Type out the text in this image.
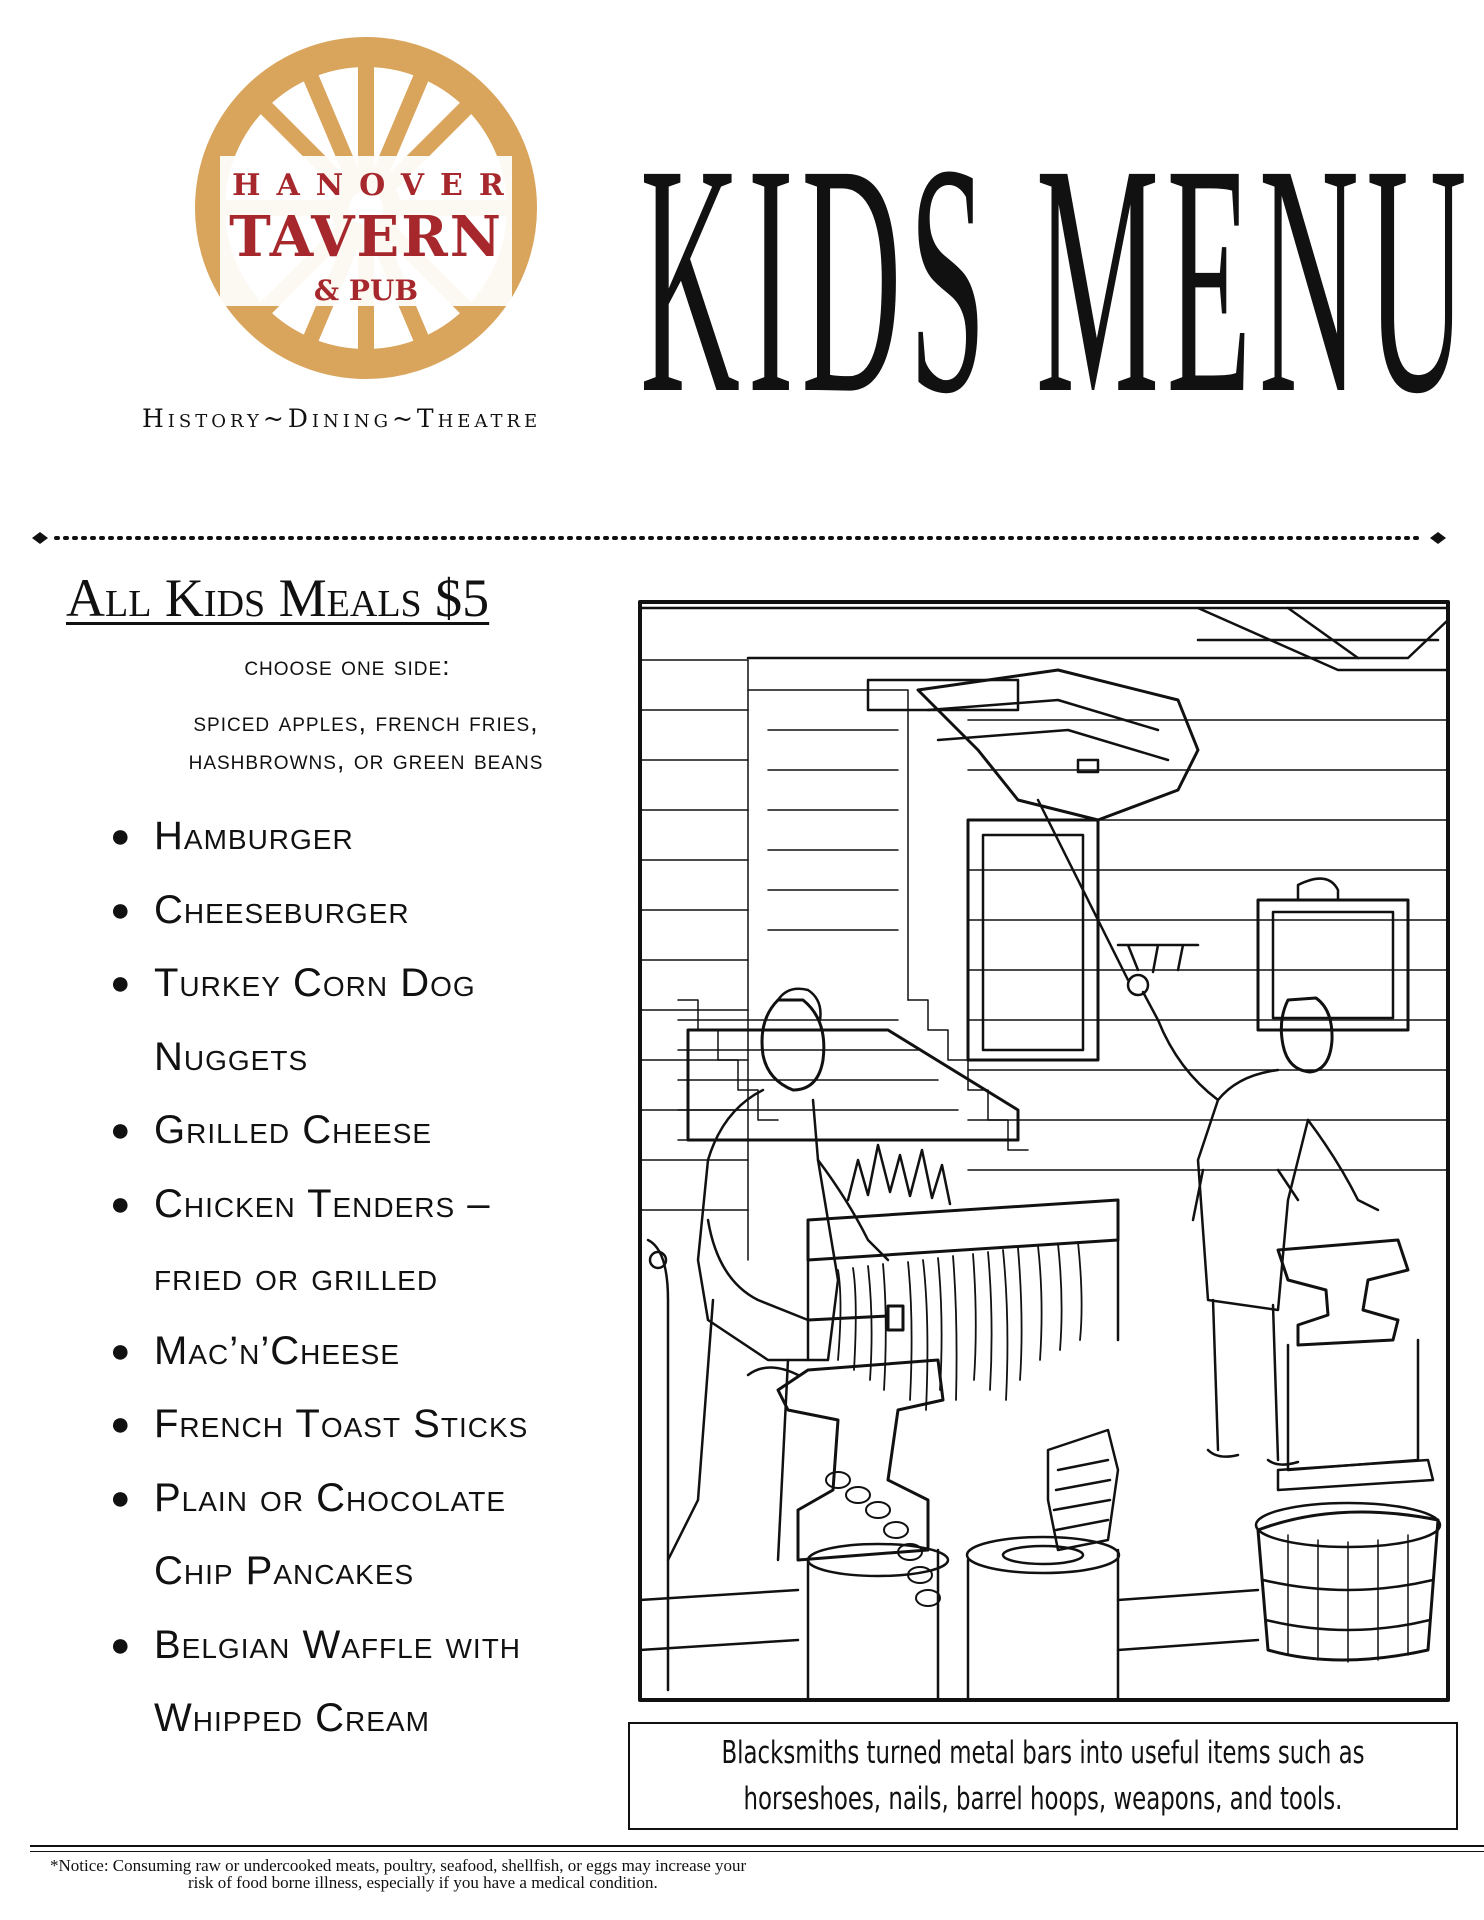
HANOVER
TAVERN
& PUB
History~Dining~Theatre KIDS MENU
All Kids Meals $5
choose one side:
spiced apples, french fries,
hashbrowns, or green beans
● Hamburger
● Cheeseburger
● Turkey Corn Dog
Nuggets
● Grilled Cheese
● Chicken Tenders –
fried or grilled
● Mac’n’Cheese
● French Toast Sticks
● Plain or Chocolate
Chip Pancakes
● Belgian Waffle with
Whipped Cream
Blacksmiths turned metal bars into useful items such as
horseshoes, nails, barrel hoops, weapons, and tools.
*Notice: Consuming raw or undercooked meats, poultry, seafood, shellfish, or eggs may increase your
risk of food borne illness, especially if you have a medical condition.
